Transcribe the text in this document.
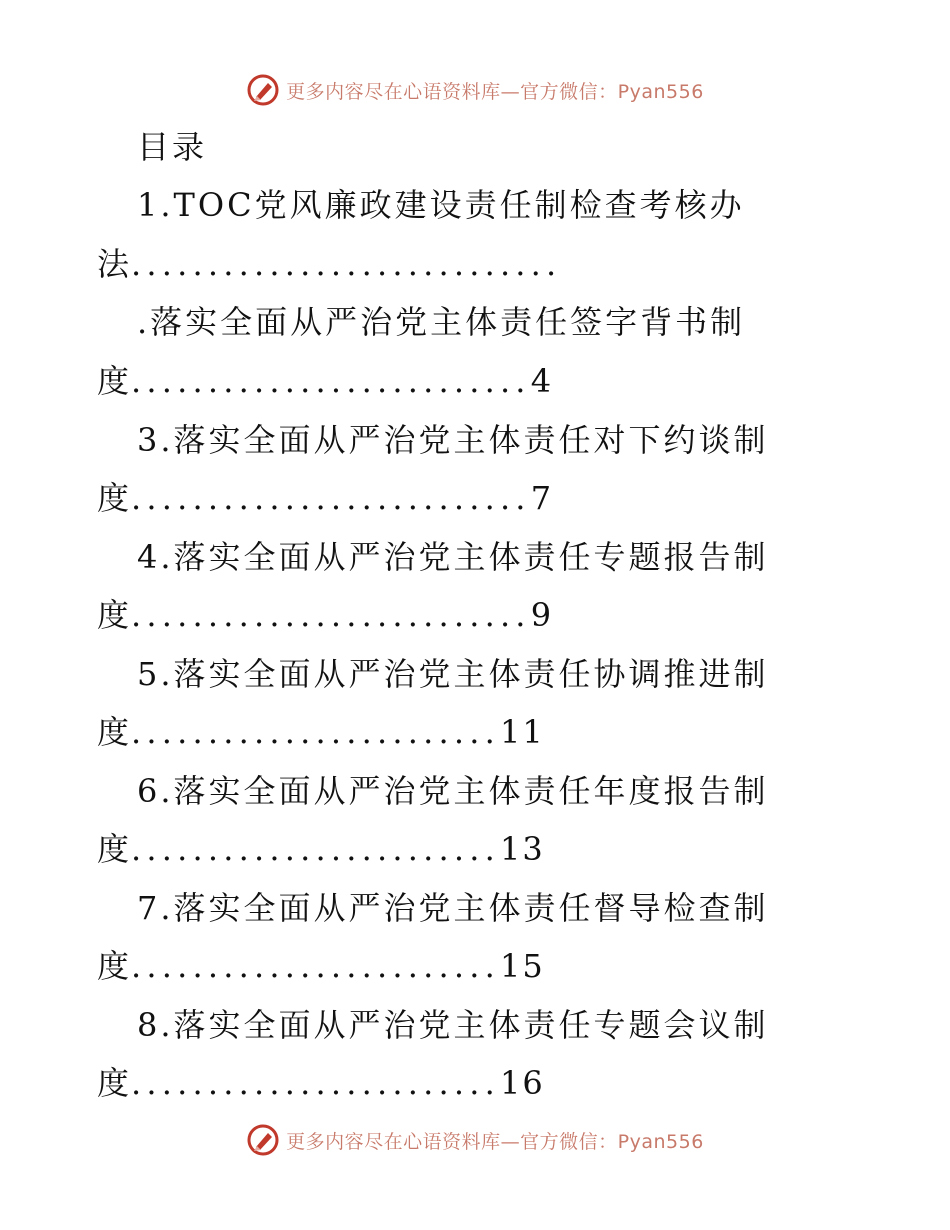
更多内容尽在心语资料库—官方微信：Pyan556
目录
1.TOC党风廉政建设责任制检查考核办
法............................
.落实全面从严治党主体责任签字背书制
度..........................4
3.落实全面从严治党主体责任对下约谈制
度..........................7
4.落实全面从严治党主体责任专题报告制
度..........................9
5.落实全面从严治党主体责任协调推进制
度........................11
6.落实全面从严治党主体责任年度报告制
度........................13
7.落实全面从严治党主体责任督导检查制
度........................15
8.落实全面从严治党主体责任专题会议制
度........................16
更多内容尽在心语资料库—官方微信：Pyan556
